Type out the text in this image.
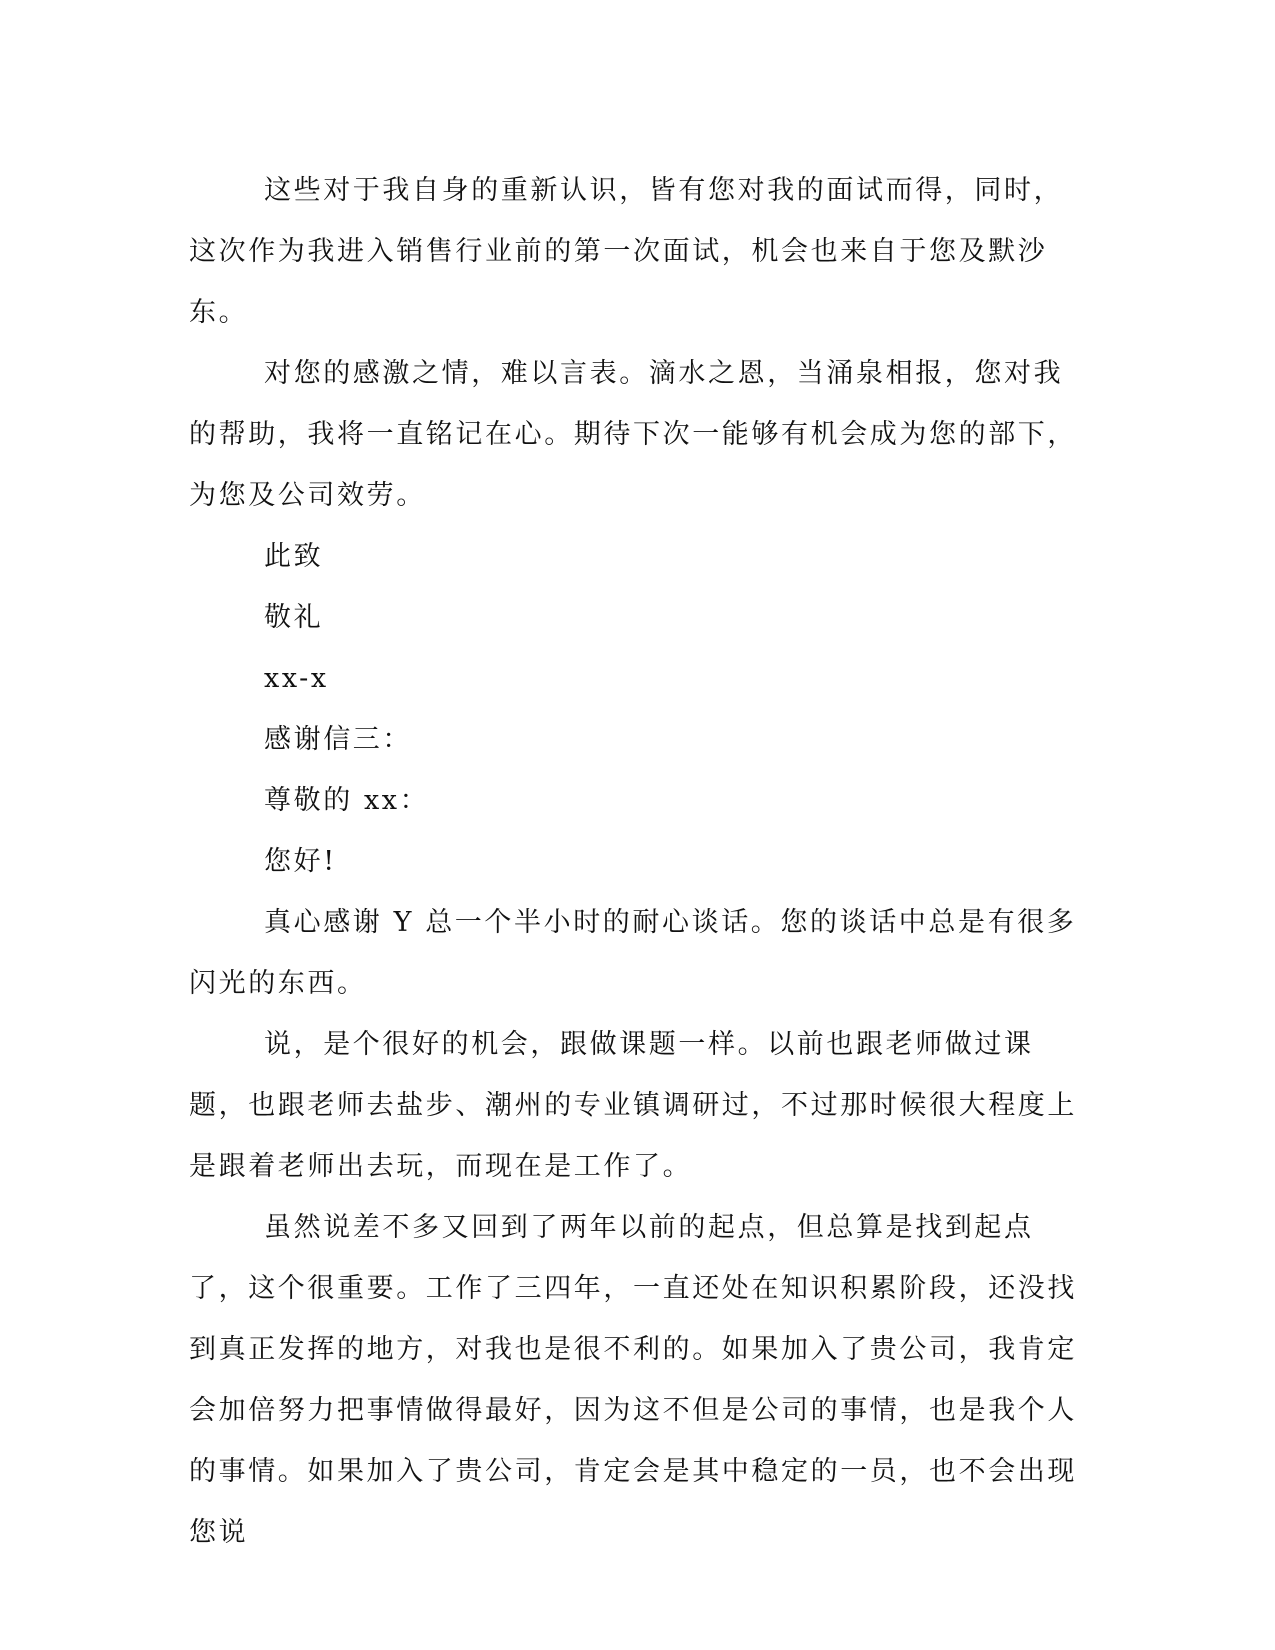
这些对于我自身的重新认识，皆有您对我的面试而得，同时，这次作为我进入销售行业前的第一次面试，机会也来自于您及默沙东。

对您的感激之情，难以言表。滴水之恩，当涌泉相报，您对我的帮助，我将一直铭记在心。期待下次一能够有机会成为您的部下，为您及公司效劳。

此致

敬礼

xx-x

感谢信三：

尊敬的 xx：

您好!

真心感谢 Y 总一个半小时的耐心谈话。您的谈话中总是有很多闪光的东西。

说，是个很好的机会，跟做课题一样。以前也跟老师做过课题，也跟老师去盐步、潮州的专业镇调研过，不过那时候很大程度上是跟着老师出去玩，而现在是工作了。

虽然说差不多又回到了两年以前的起点，但总算是找到起点了，这个很重要。工作了三四年，一直还处在知识积累阶段，还没找到真正发挥的地方，对我也是很不利的。如果加入了贵公司，我肯定会加倍努力把事情做得最好，因为这不但是公司的事情，也是我个人的事情。如果加入了贵公司，肯定会是其中稳定的一员，也不会出现您说
